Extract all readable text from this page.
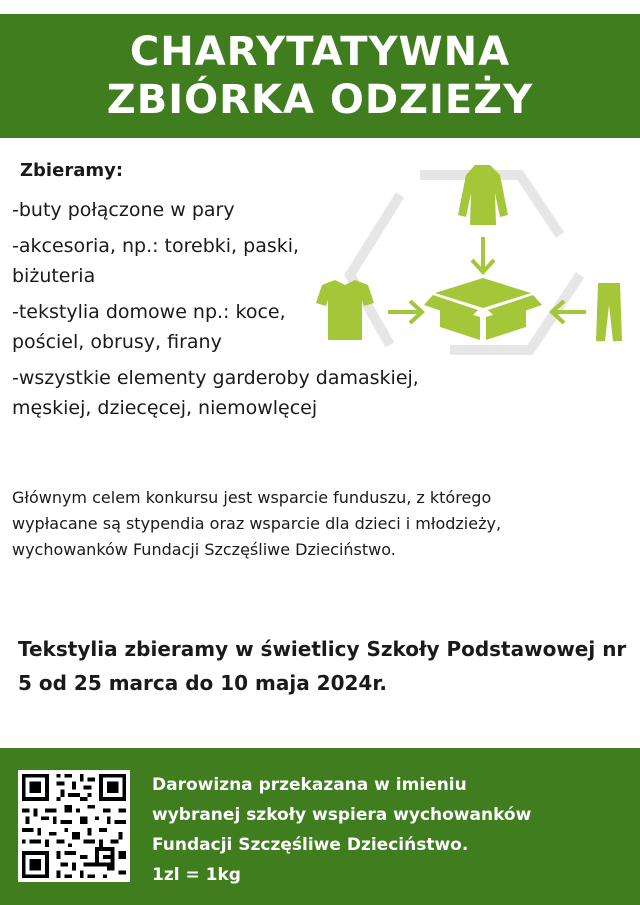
CHARYTATYWNA
ZBIÓRKA ODZIEŻY
Zbieramy:
-buty połączone w pary
-akcesoria, np.: torebki, paski, biżuteria
-tekstylia domowe np.: koce, pościel, obrusy, firany
-wszystkie elementy garderoby damaskiej, męskiej, dziecęcej, niemowlęcej
Głównym celem konkursu jest wsparcie funduszu, z którego wypłacane są stypendia oraz wsparcie dla dzieci i młodzieży, wychowanków Fundacji Szczęśliwe Dzieciństwo.
Tekstylia zbieramy w świetlicy Szkoły Podstawowej nr 5 od 25 marca do 10 maja 2024r.
Darowizna przekazana w imieniu
wybranej szkoły wspiera wychowanków
Fundacji Szczęśliwe Dzieciństwo.
1zl = 1kg
